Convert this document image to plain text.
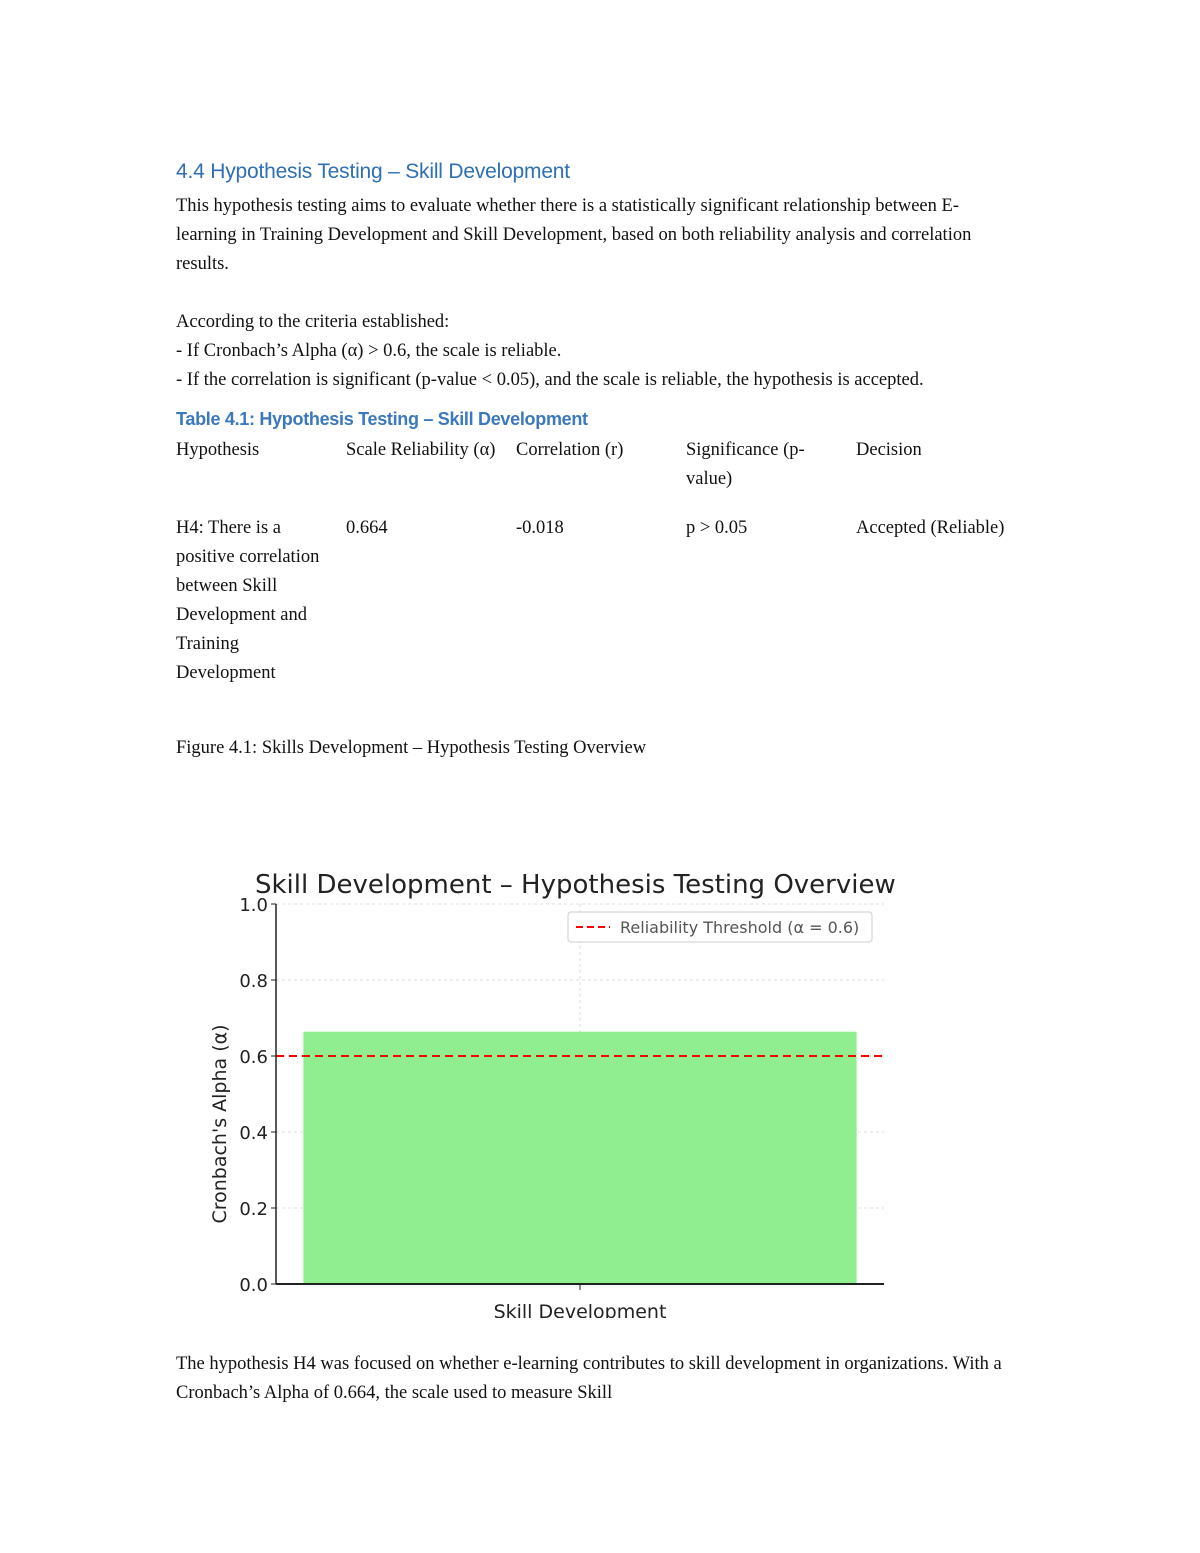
4.4 Hypothesis Testing – Skill Development

This hypothesis testing aims to evaluate whether there is a statistically significant relationship between E-learning in Training Development and Skill Development, based on both reliability analysis and correlation results.

According to the criteria established:

- If Cronbach’s Alpha (α) > 0.6, the scale is reliable.

- If the correlation is significant (p-value < 0.05), and the scale is reliable, the hypothesis is accepted.

Table 4.1: Hypothesis Testing – Skill Development
Hypothesis	Scale Reliability (α)	Correlation (r)	Significance (p-value)	Decision
H4: There is a positive correlation between Skill Development and Training Development	0.664	-0.018	p > 0.05	Accepted (Reliable)

Figure 4.1: Skills Development – Hypothesis Testing Overview

Skill Development – Hypothesis Testing Overview
0.0
0.2
0.4
0.6
0.8
1.0
Skill Development
Cronbach's Alpha (α)
Reliability Threshold (α = 0.6)

The hypothesis H4 was focused on whether e-learning contributes to skill development in organizations. With a Cronbach’s Alpha of 0.664, the scale used to measure Skill
